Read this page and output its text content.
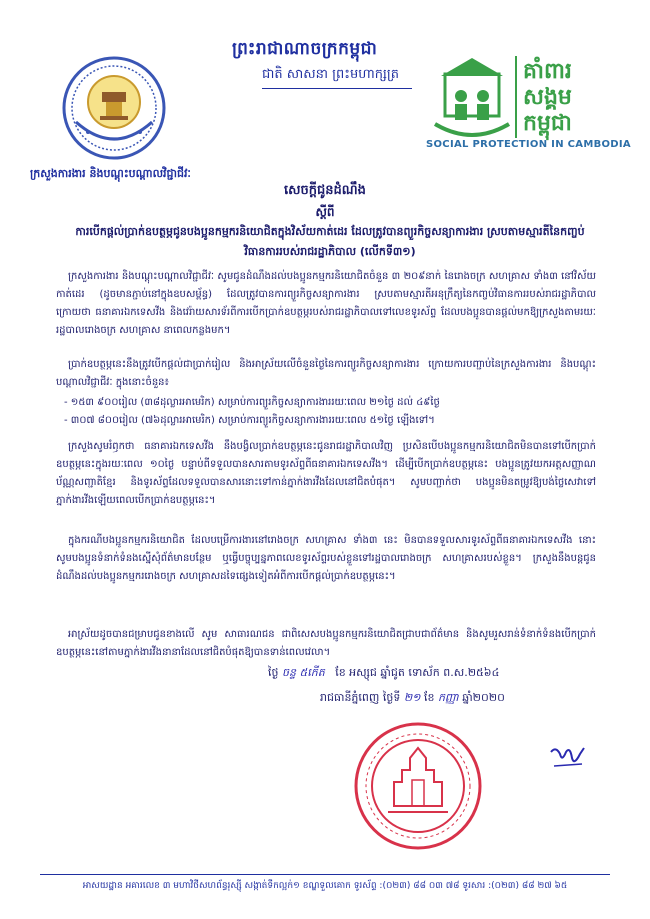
ព្រះរាជាណាចក្រកម្ពុជា
ជាតិ សាសនា ព្រះមហាក្សត្រ
ក្រសួងការងារ និងបណ្តុះបណ្តាលវិជ្ជាជីវៈ
គាំពារ
សង្គម
កម្ពុជា
SOCIAL PROTECTION IN CAMBODIA
សេចក្តីជូនដំណឹង
ស្តីពី
ការបើកផ្តល់ប្រាក់ឧបត្ថម្ភជូនបងប្អូនកម្មករនិយោជិតក្នុងវិស័យកាត់ដេរ ដែលត្រូវបានព្យួរកិច្ចសន្យាការងារ ស្របតាមស្មារតីនៃកញ្ចប់វិធានការរបស់រាជរដ្ឋាភិបាល (លើកទី៣១)
ក្រសួងការងារ និងបណ្តុះបណ្តាលវិជ្ជាជីវៈ សូមជូនដំណឹងដល់បងប្អូនកម្មករនិយោជិតចំនួន ៣ ២០៩នាក់ នៃរោងចក្រ សហគ្រាស ទាំង៣ នៅវិស័យកាត់ដេរ (ដូចមានភ្ជាប់នៅក្នុងឧបសម្ព័ន្ធ) ដែលត្រូវបានការព្យួរកិច្ចសន្យាការងារ ស្របតាមស្មារតីអនុក្រឹត្យនៃកញ្ចប់វិធានការរបស់រាជរដ្ឋាភិបាល ក្រោយថា ធនាគារឯកទេសវីង និងវេរ៉ាយសារទ័រពីការបើកប្រាក់ឧបត្ថម្ភរបស់រាជរដ្ឋាភិបាលទៅលេខទូរស័ព្ទ ដែលបងប្អូនបានផ្តល់មកឱ្យក្រសួងតាមរយៈរដ្ឋបាលរោងចក្រ សហគ្រាស នាពេលកន្លងមក។
ប្រាក់ឧបត្ថម្ភនេះនឹងត្រូវបើកផ្តល់ជាប្រាក់រៀល និងអាស្រ័យលើចំនួនថ្ងៃនៃការព្យួរកិច្ចសន្យាការងារ ក្រោយការបញ្ជាប់នៃក្រសួងការងារ និងបណ្តុះបណ្តាលវិជ្ជាជីវៈ ក្នុងនោះចំនួន៖
- ១៥៣ ៩០០រៀល (៣៨ដុល្លារអាមេរិក) សម្រាប់ការព្យួរកិច្ចសន្យាការងាររយៈពេល ២១ថ្ងៃ ដល់ ៤៩ថ្ងៃ
- ៣០៧ ៨០០រៀល (៧៦ដុល្លារអាមេរិក) សម្រាប់ការព្យួរកិច្ចសន្យាការងាររយៈពេល ៥១ថ្ងៃ ឡើងទៅ។
ក្រសួងសូមរំឭកថា ធនាគារឯកទេសវីង នឹងបង្វិលប្រាក់ឧបត្ថម្ភនេះជូនរាជរដ្ឋាភិបាលវិញ ប្រសិនបើបងប្អូនកម្មករនិយោជិតមិនបានទៅបើកប្រាក់ឧបត្ថម្ភនេះក្នុងរយៈពេល ១០ថ្ងៃ បន្ទាប់ពីទទួលបានសារតាមទូរស័ព្ទពីធនាគារឯកទេសវីង។ ដើម្បីបើកប្រាក់ឧបត្ថម្ភនេះ បងប្អូនត្រូវយកអត្តសញ្ញាណប័ណ្ណសញ្ជាតិខ្មែរ និងទូរស័ព្ទដែលទទួលបានសារនោះទៅកាន់ភ្នាក់ងារវីងដែលនៅជិតបំផុត។ សូមបញ្ជាក់ថា បងប្អូនមិនតម្រូវឱ្យបង់ថ្លៃសេវាទៅភ្នាក់ងារវីងឡើយពេលបើកប្រាក់ឧបត្ថម្ភនេះ។
ក្នុងករណីបងប្អូនកម្មករនិយោជិត ដែលបម្រើការងារនៅរោងចក្រ សហគ្រាស ទាំង៣ នេះ មិនបានទទួលសារទូរស័ព្ទពីធនាគារឯកទេសវីង នោះសូមបងប្អូនទំនាក់ទំនងស្នើសុំព័ត៌មានបន្ថែម ឬធ្វើបច្ចុប្បន្នភាពលេខទូរស័ព្ទរបស់ខ្លួនទៅរដ្ឋបាលរោងចក្រ សហគ្រាសរបស់ខ្លួន។ ក្រសួងនឹងបន្តជូនដំណឹងដល់បងប្អូនកម្មកររោងចក្រ សហគ្រាសដទៃផ្សេងទៀតអំពីការបើកផ្តល់ប្រាក់ឧបត្ថម្ភនេះ។
អាស្រ័យដូចបានជម្រាបជូនខាងលើ សូម សាធារណជន ជាពិសេសបងប្អូនកម្មករនិយោជិតជ្រាបជាព័ត៌មាន និងសូមរួសរាន់ទំនាក់ទំនងបើកប្រាក់ឧបត្ថម្ភនេះនៅតាមភ្នាក់ងារវីងនានាដែលនៅជិតបំផុតឱ្យបានទាន់ពេលវេលា។
ថ្ងៃ ចន្ទ ៥កើត ខែ អស្សុជ ឆ្នាំជូត ទោស័ក ព.ស.២៥៦៤
រាជធានីភ្នំពេញ ថ្ងៃទី ២១ ខែ កញ្ញា ឆ្នាំ២០២០
អាសយដ្ឋាន អគារលេខ ៣ មហាវិថីសហព័ន្ធរុស្ស៊ី សង្កាត់ទឹកល្អក់១ ខណ្ឌទួលគោក ទូរស័ព្ទ :(០២៣) ៨៨ ០៣ ៧៨ ទូរសារ :(០២៣) ៨៨ ២៧ ៦៥
